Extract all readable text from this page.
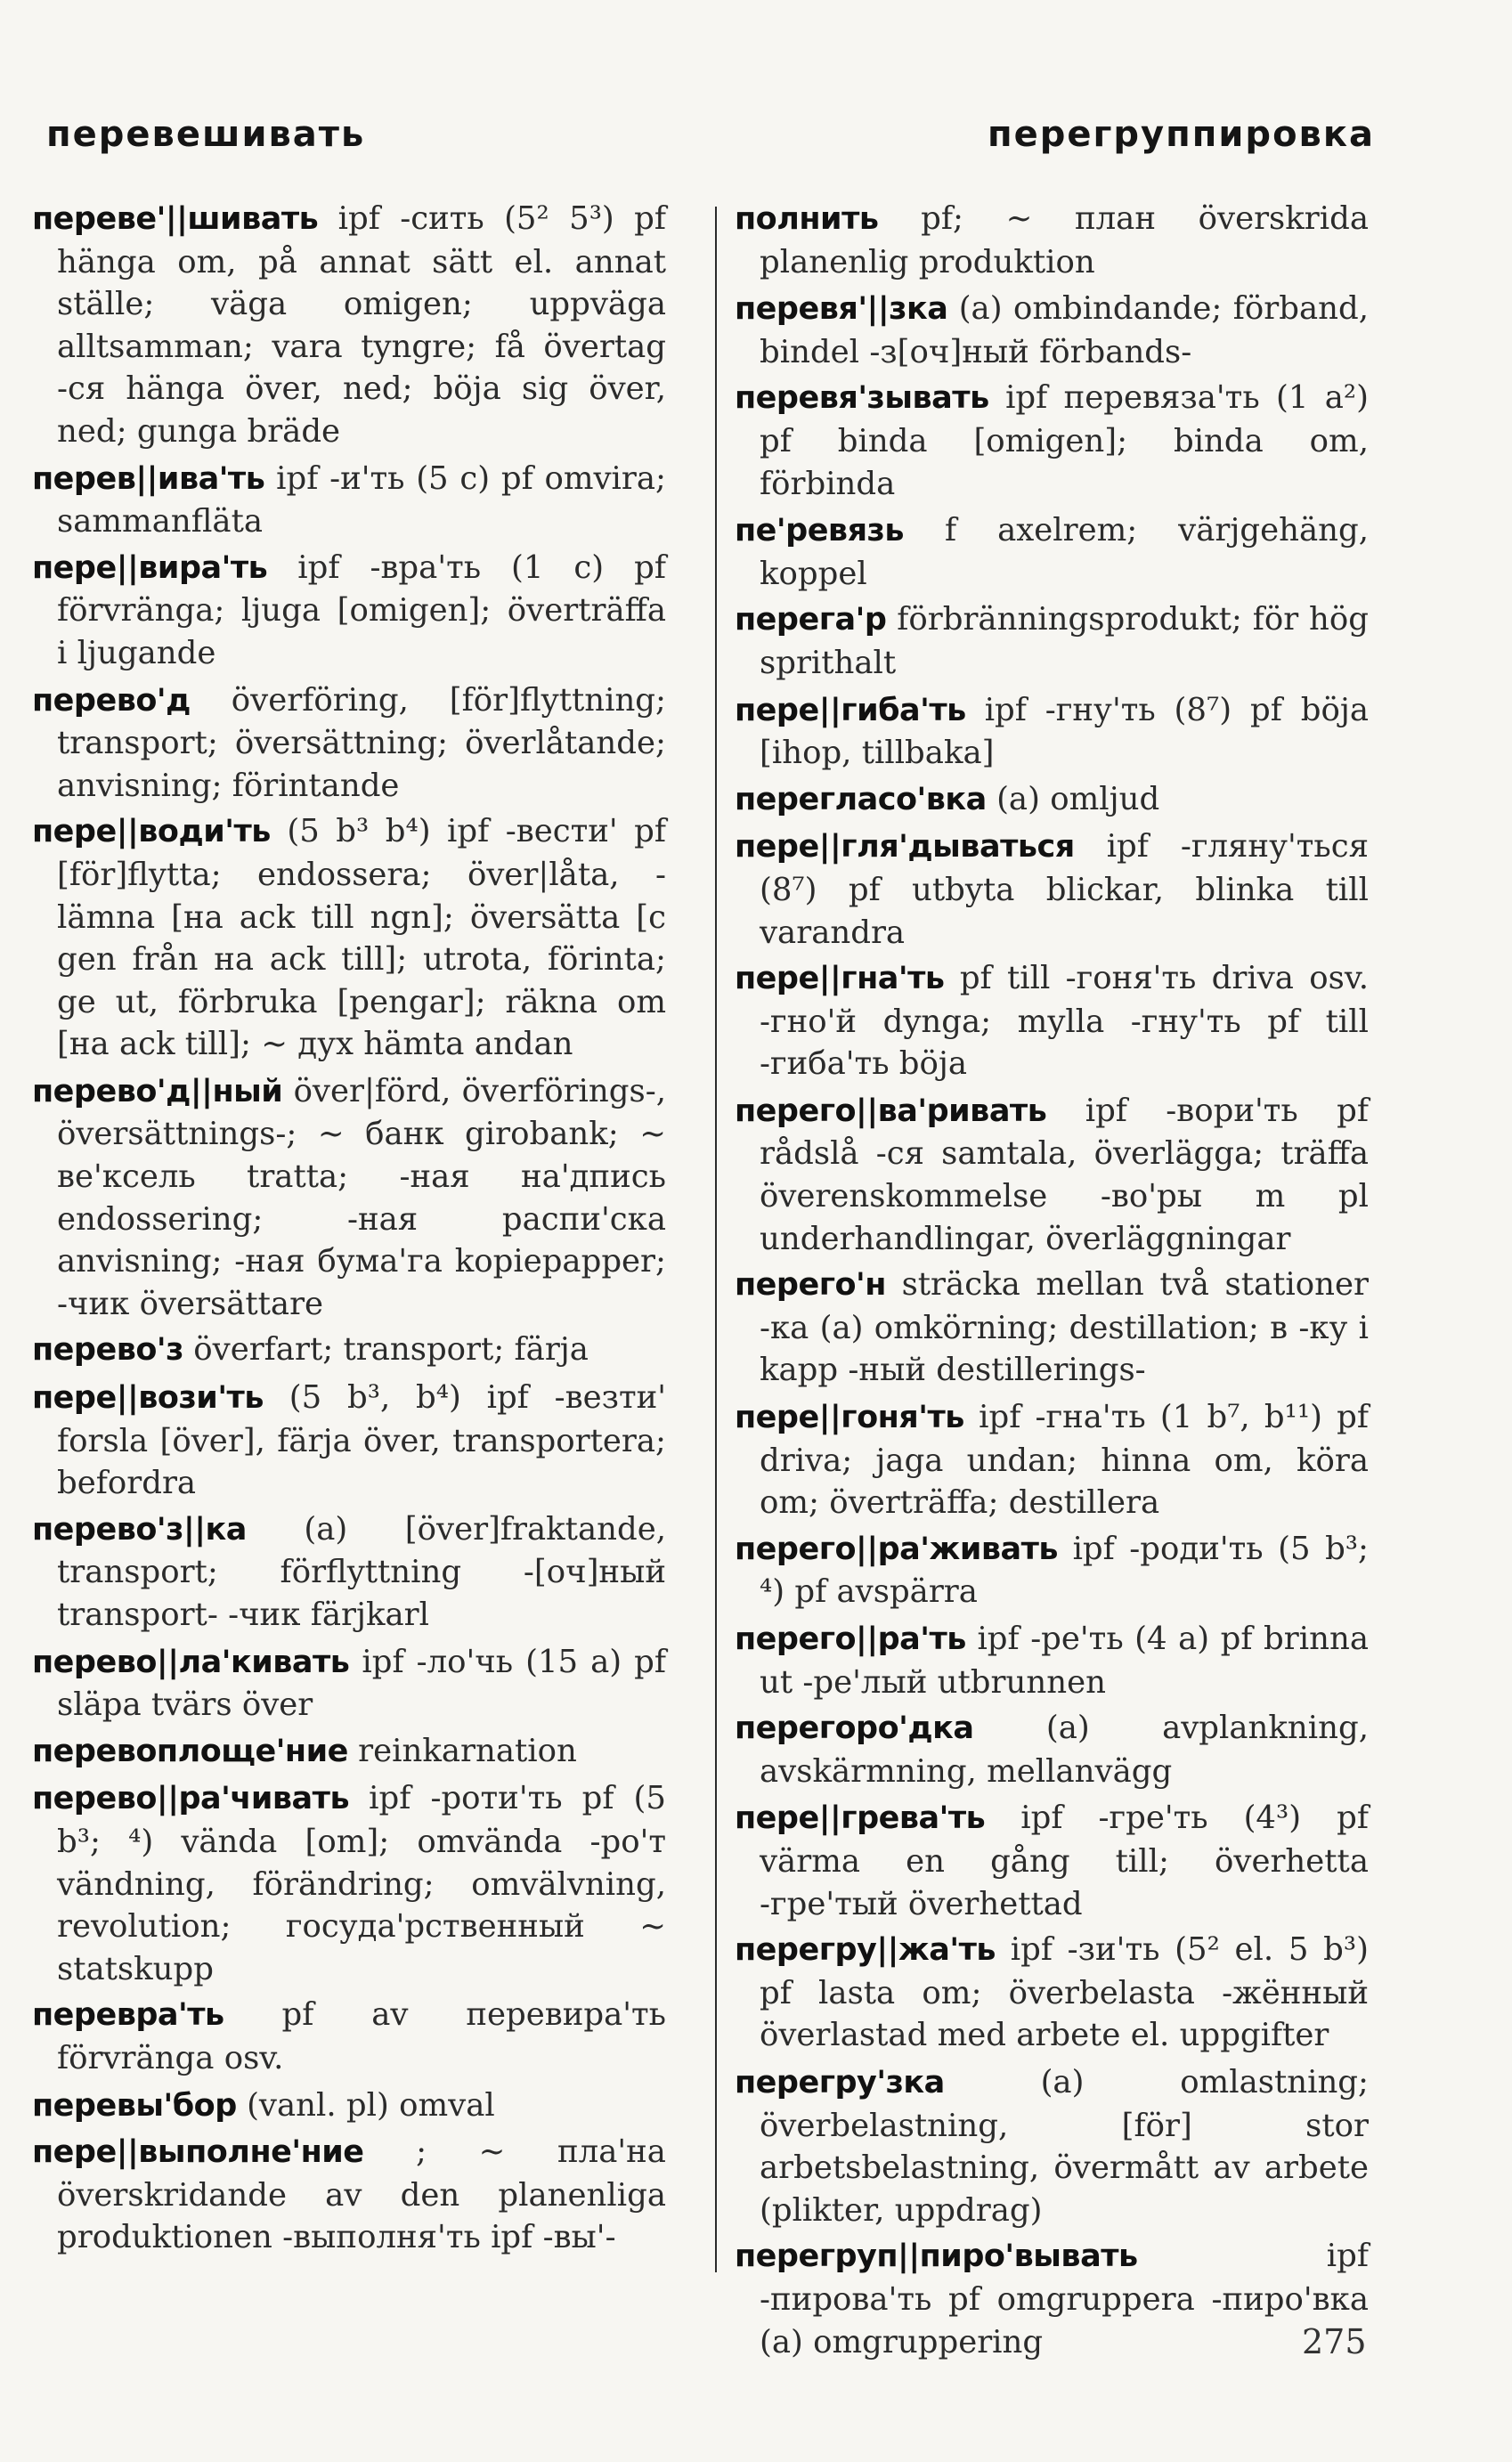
перевешивать	перегруппировка

переве'||шивать ipf -сить (5² 5³) pf hänga om, på annat sätt el. annat ställe; väga omigen; uppväga alltsamman; vara tyngre; få övertag -ся hänga över, ned; böja sig över, ned; gunga bräde

перев||ива'ть ipf -и'ть (5 c) pf omvira; sammanfläta

пере||вира'ть ipf -вра'ть (1 c) pf förvränga; ljuga [omigen]; överträffa i ljugande

перево'д överföring, [för]flyttning; transport; översättning; överlåtande; anvisning; förintande

пере||води'ть (5 b³ b⁴) ipf -вести' pf [för]flytta; endossera; över|låta, -lämna [на ack till ngn]; översätta [с gen från на ack till]; utrota, förinta; ge ut, förbruka [pengar]; räkna om [на ack till]; ~ дух hämta andan

перево'д||ный över|förd, överförings-, översättnings-; ~ банк girobank; ~ ве'ксель tratta; -ная на'дпись endossering; -ная распи'ска anvisning; -ная бума'га kopiepapper; -чик översättare

перево'з överfart; transport; färja

пере||вози'ть (5 b³, b⁴) ipf -везти' forsla [över], färja över, transportera; befordra

перево'з||ка (a) [över]fraktande, transport; förflyttning -[оч]ный transport- -чик färjkarl

перево||ла'кивать ipf -ло'чь (15 a) pf släpa tvärs över

перевоплоще'ние reinkarnation

перево||ра'чивать ipf -роти'ть pf (5 b³; ⁴) vända [om]; omvända -ро'т vändning, förändring; omvälvning, revolution; госуда'рственный ~ statskupp

перевра'ть pf av перевира'ть förvränga osv.

перевы'бор (vanl. pl) omval

пере||выполне'ние ; ~ пла'на överskridande av den planenliga produktionen -выполня'ть ipf -вы'-

полнить pf; ~ план överskrida planenlig produktion

перевя'||зка (a) ombindande; förband, bindel -з[оч]ный förbands-

перевя'зывать ipf перевяза'ть (1 a²) pf binda [omigen]; binda om, förbinda

пе'ревязь f axelrem; värjgehäng, koppel

перега'р förbränningsprodukt; för hög sprithalt

пере||гиба'ть ipf -гну'ть (8⁷) pf böja [ihop, tillbaka]

перегласо'вка (a) omljud

пере||гля'дываться ipf -гляну'ться (8⁷) pf utbyta blickar, blinka till varandra

пере||гна'ть pf till -гоня'ть driva osv. -гно'й dynga; mylla -гну'ть pf till -гиба'ть böja

перего||ва'ривать ipf -вори'ть pf rådslå -ся samtala, överlägga; träffa överenskommelse -во'ры m pl underhandlingar, överläggningar

перего'н sträcka mellan två stationer -ка (a) omkörning; destillation; в -ку i kapp -ный destillerings-

пере||гоня'ть ipf -гна'ть (1 b⁷, b¹¹) pf driva; jaga undan; hinna om, köra om; överträffa; destillera

перего||ра'живать ipf -роди'ть (5 b³; ⁴) pf avspärra

перего||ра'ть ipf -ре'ть (4 a) pf brinna ut -ре'лый utbrunnen

перегоро'дка (a) avplankning, avskärmning, mellanvägg

пере||грева'ть ipf -гре'ть (4³) pf värma en gång till; överhetta -гре'тый överhettad

перегру||жа'ть ipf -зи'ть (5² el. 5 b³) pf lasta om; överbelasta -жённый överlastad med arbete el. uppgifter

перегру'зка	(a) omlastning; överbelastning, [för] stor arbetsbelastning, övermått av arbete (plikter, uppdrag)

перегруп||пиро'вывать	ipf -пирова'ть pf omgruppera -пиро'вка (a) omgruppering	275
